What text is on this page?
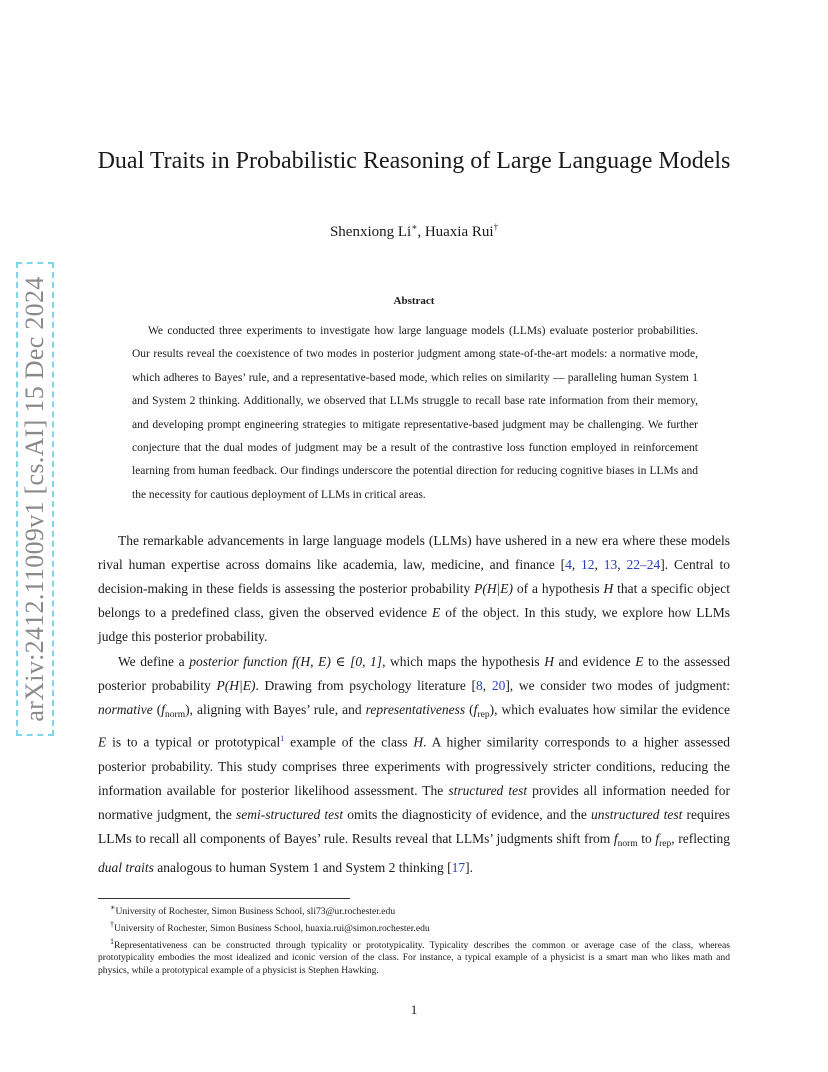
arXiv:2412.11009v1 [cs.AI] 15 Dec 2024
Dual Traits in Probabilistic Reasoning of Large Language Models
Shenxiong Li∗, Huaxia Rui†
Abstract
We conducted three experiments to investigate how large language models (LLMs) evaluate posterior probabilities. Our results reveal the coexistence of two modes in posterior judgment among state-of-the-art models: a normative mode, which adheres to Bayes’ rule, and a representative-based mode, which relies on similarity — paralleling human System 1 and System 2 thinking. Additionally, we observed that LLMs struggle to recall base rate information from their memory, and developing prompt engineering strategies to mitigate representative-based judgment may be challenging. We further conjecture that the dual modes of judgment may be a result of the contrastive loss function employed in reinforcement learning from human feedback. Our findings underscore the potential direction for reducing cognitive biases in LLMs and the necessity for cautious deployment of LLMs in critical areas.
The remarkable advancements in large language models (LLMs) have ushered in a new era where these models rival human expertise across domains like academia, law, medicine, and finance [4, 12, 13, 22–24]. Central to decision-making in these fields is assessing the posterior probability P(H|E) of a hypothesis H that a specific object belongs to a predefined class, given the observed evidence E of the object. In this study, we explore how LLMs judge this posterior probability.
We define a posterior function f(H, E) ∈ [0, 1], which maps the hypothesis H and evidence E to the assessed posterior probability P(H|E). Drawing from psychology literature [8, 20], we consider two modes of judgment: normative $(f_{norm})$, aligning with Bayes’ rule, and representativeness $(f_{rep})$, which evaluates how similar the evidence E is to a typical or prototypical$^1$ example of the class H. A higher similarity corresponds to a higher assessed posterior probability. This study comprises three experiments with progressively stricter conditions, reducing the information available for posterior likelihood assessment. The structured test provides all information needed for normative judgment, the semi-structured test omits the diagnosticity of evidence, and the unstructured test requires LLMs to recall all components of Bayes’ rule. Results reveal that LLMs’ judgments shift from $f_{norm}$ to $f_{rep}$, reflecting dual traits analogous to human System 1 and System 2 thinking [17].
∗University of Rochester, Simon Business School, sli73@ur.rochester.edu
†University of Rochester, Simon Business School, huaxia.rui@simon.rochester.edu
$^1$Representativeness can be constructed through typicality or prototypicality. Typicality describes the common or average case of the class, whereas prototypicality embodies the most idealized and iconic version of the class. For instance, a typical example of a physicist is a smart man who likes math and physics, while a prototypical example of a physicist is Stephen Hawking.
1
